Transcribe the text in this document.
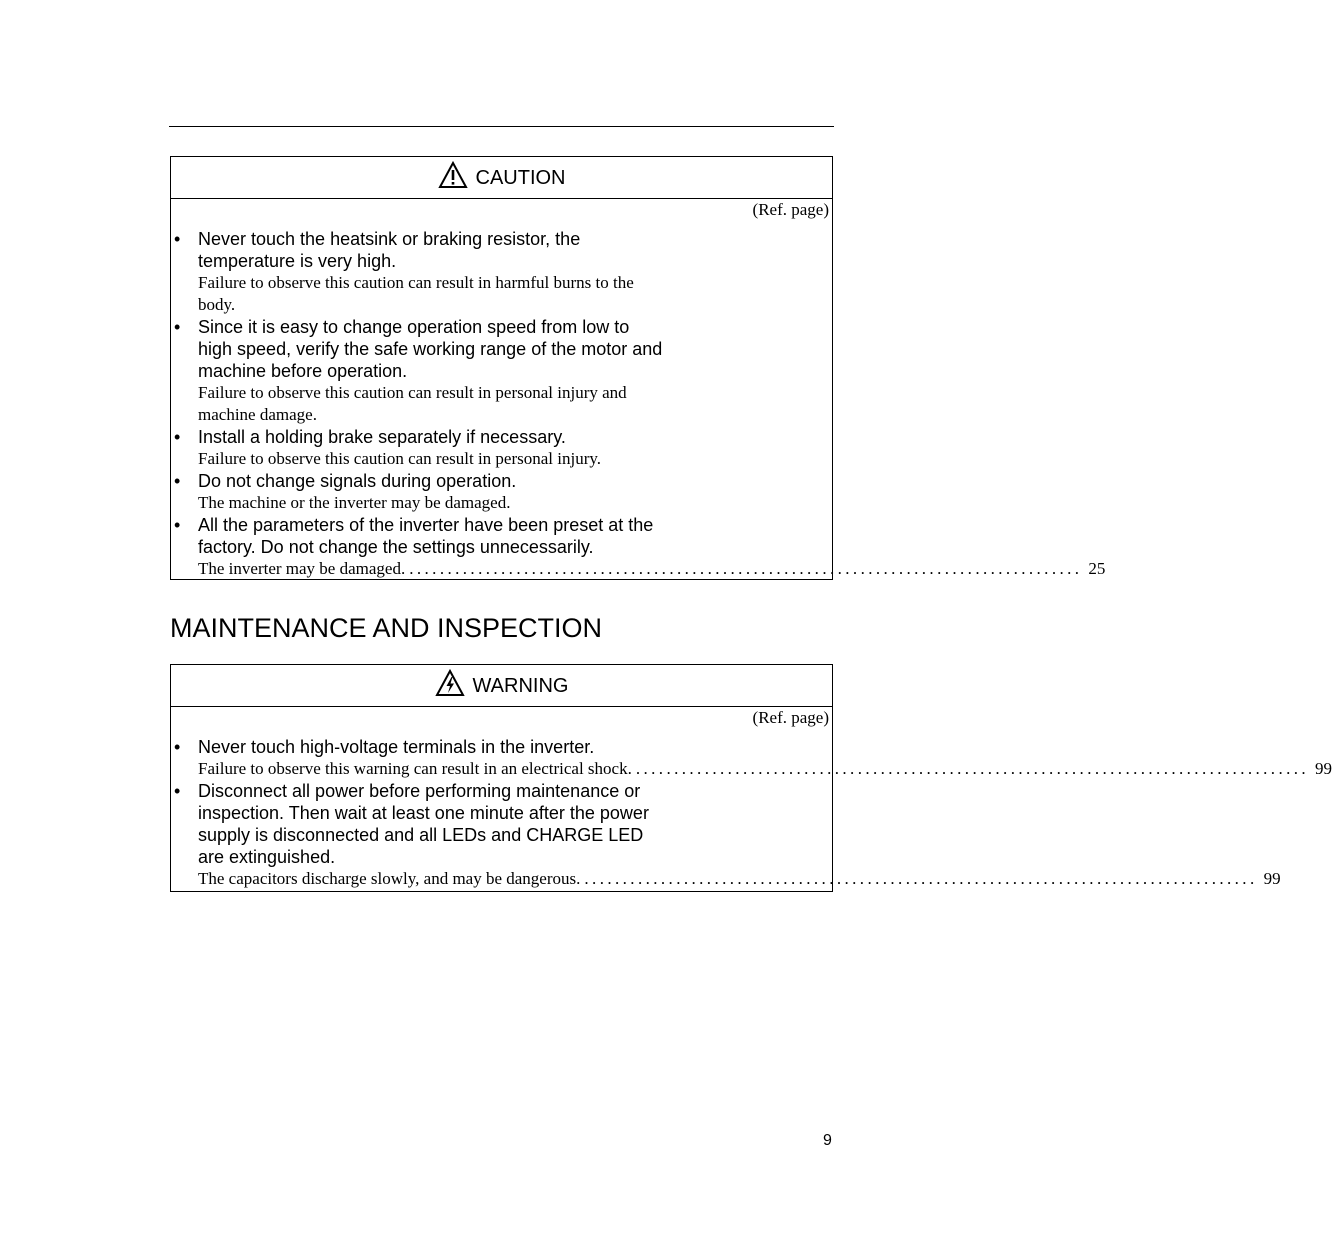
CAUTION
(Ref. page)
• Never touch the heatsink or braking resistor, the temperature is very high.
Failure to observe this caution can result in harmful burns to the body.
• Since it is easy to change operation speed from low to high speed, verify the safe working range of the motor and machine before operation.
Failure to observe this caution can result in personal injury and machine damage.
• Install a holding brake separately if necessary.
Failure to observe this caution can result in personal injury.
• Do not change signals during operation.
The machine or the inverter may be damaged.
• All the parameters of the inverter have been preset at the factory. Do not change the settings unnecessarily.
The inverter may be damaged. ........................................................................................ 25
MAINTENANCE AND INSPECTION
WARNING
(Ref. page)
• Never touch high-voltage terminals in the inverter.
Failure to observe this warning can result in an electrical shock. ........................................................................................ 99
• Disconnect all power before performing maintenance or inspection. Then wait at least one minute after the power supply is disconnected and all LEDs and CHARGE LED are extinguished.
The capacitors discharge slowly, and may be dangerous. ........................................................................................ 99
9
